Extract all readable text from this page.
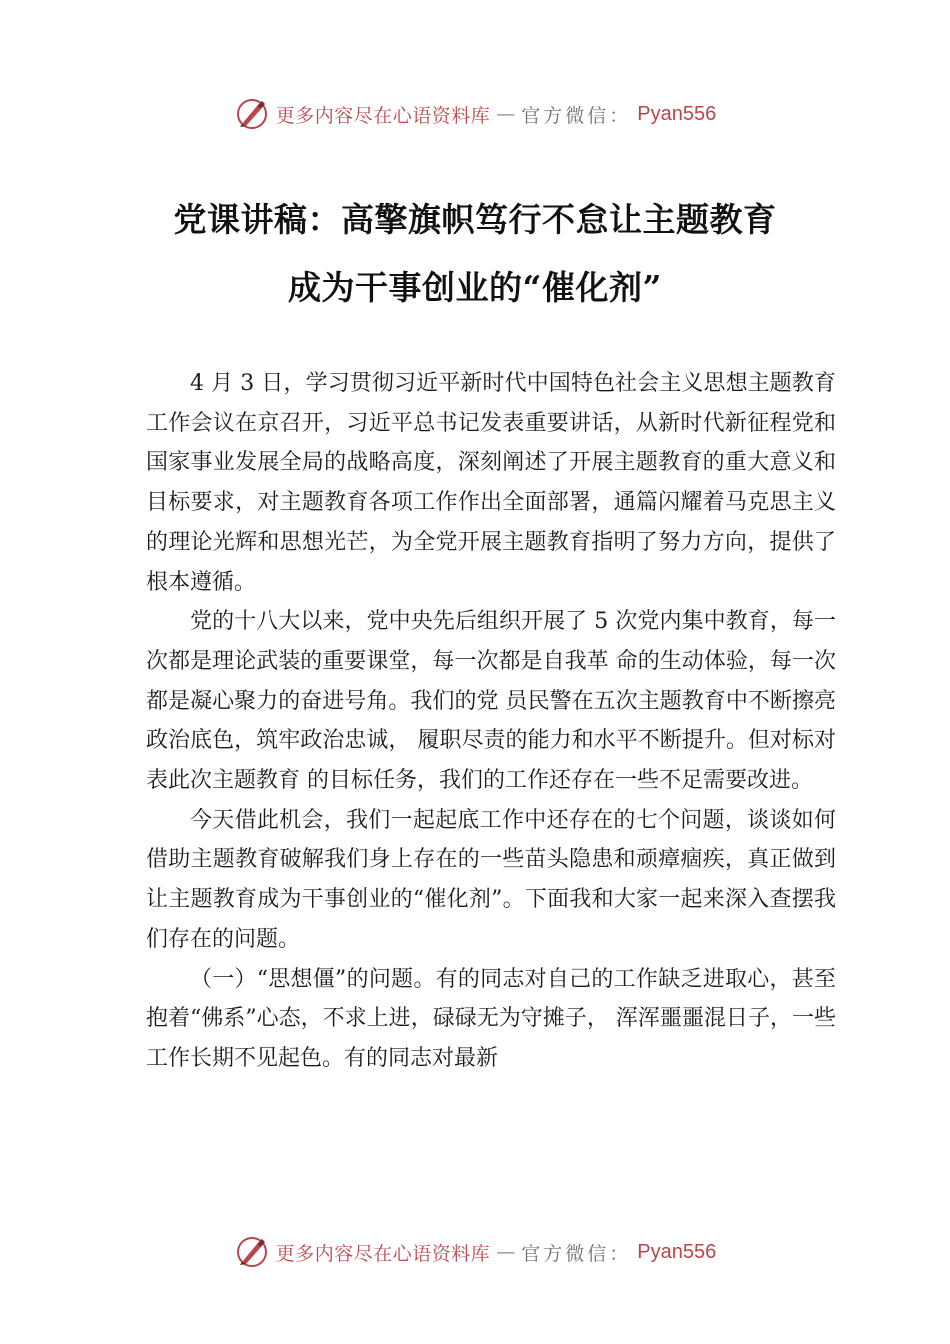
更多内容尽在心语资料库 — 官方微信： Pyan556
党课讲稿：高擎旗帜笃行不怠让主题教育
成为干事创业的“催化剂”

4 月 3 日，学习贯彻习近平新时代中国特色社会主义思想主题教育工作会议在京召开，习近平总书记发表重要讲话，从新时代新征程党和国家事业发展全局的战略高度，深刻阐述了开展主题教育的重大意义和目标要求，对主题教育各项工作作出全面部署，通篇闪耀着马克思主义的理论光辉和思想光芒，为全党开展主题教育指明了努力方向，提供了根本遵循。

党的十八大以来，党中央先后组织开展了 5 次党内集中教育，每一次都是理论武装的重要课堂，每一次都是自我革 命的生动体验，每一次都是凝心聚力的奋进号角。我们的党 员民警在五次主题教育中不断擦亮政治底色，筑牢政治忠诚， 履职尽责的能力和水平不断提升。但对标对表此次主题教育 的目标任务，我们的工作还存在一些不足需要改进。

今天借此机会，我们一起起底工作中还存在的七个问题，谈谈如何借助主题教育破解我们身上存在的一些苗头隐患和顽瘴痼疾，真正做到让主题教育成为干事创业的“催化剂”。下面我和大家一起来深入查摆我们存在的问题。

（一）“思想僵”的问题。有的同志对自己的工作缺乏进取心，甚至抱着“佛系”心态，不求上进，碌碌无为守摊子， 浑浑噩噩混日子，一些工作长期不见起色。有的同志对最新

更多内容尽在心语资料库 — 官方微信： Pyan556
